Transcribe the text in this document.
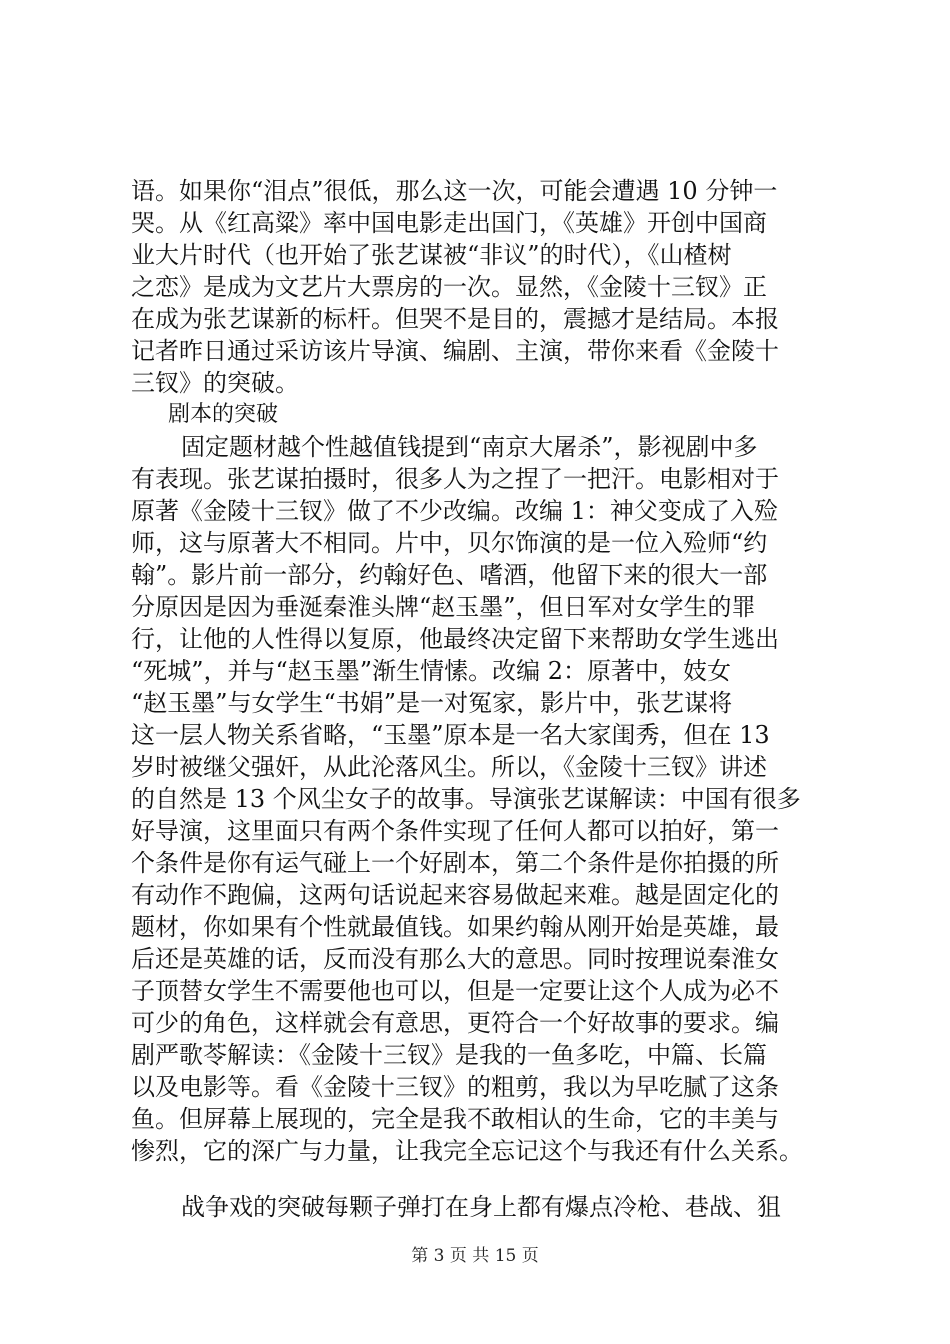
语。如果你“泪点”很低，那么这一次，可能会遭遇 10 分钟一
哭。从《红高粱》率中国电影走出国门，《英雄》开创中国商
业大片时代（也开始了张艺谋被“非议”的时代），《山楂树
之恋》是成为文艺片大票房的一次。显然，《金陵十三钗》正
在成为张艺谋新的标杆。但哭不是目的，震撼才是结局。本报
记者昨日通过采访该片导演、编剧、主演，带你来看《金陵十
三钗》的突破。
剧本的突破
固定题材越个性越值钱提到“南京大屠杀”，影视剧中多
有表现。张艺谋拍摄时，很多人为之捏了一把汗。电影相对于
原著《金陵十三钗》做了不少改编。改编 1：神父变成了入殓
师，这与原著大不相同。片中，贝尔饰演的是一位入殓师“约
翰”。影片前一部分，约翰好色、嗜酒，他留下来的很大一部
分原因是因为垂涎秦淮头牌“赵玉墨”，但日军对女学生的罪
行，让他的人性得以复原，他最终决定留下来帮助女学生逃出
“死城”，并与“赵玉墨”渐生情愫。改编 2：原著中，妓女
“赵玉墨”与女学生“书娟”是一对冤家，影片中，张艺谋将
这一层人物关系省略，“玉墨”原本是一名大家闺秀，但在 13
岁时被继父强奸，从此沦落风尘。所以，《金陵十三钗》讲述
的自然是 13 个风尘女子的故事。导演张艺谋解读：中国有很多
好导演，这里面只有两个条件实现了任何人都可以拍好，第一
个条件是你有运气碰上一个好剧本，第二个条件是你拍摄的所
有动作不跑偏，这两句话说起来容易做起来难。越是固定化的
题材，你如果有个性就最值钱。如果约翰从刚开始是英雄，最
后还是英雄的话，反而没有那么大的意思。同时按理说秦淮女
子顶替女学生不需要他也可以，但是一定要让这个人成为必不
可少的角色，这样就会有意思，更符合一个好故事的要求。编
剧严歌苓解读：《金陵十三钗》是我的一鱼多吃，中篇、长篇
以及电影等。看《金陵十三钗》的粗剪，我以为早吃腻了这条
鱼。但屏幕上展现的，完全是我不敢相认的生命，它的丰美与
惨烈，它的深广与力量，让我完全忘记这个与我还有什么关系。
战争戏的突破每颗子弹打在身上都有爆点冷枪、巷战、狙
第 3 页 共 15 页
